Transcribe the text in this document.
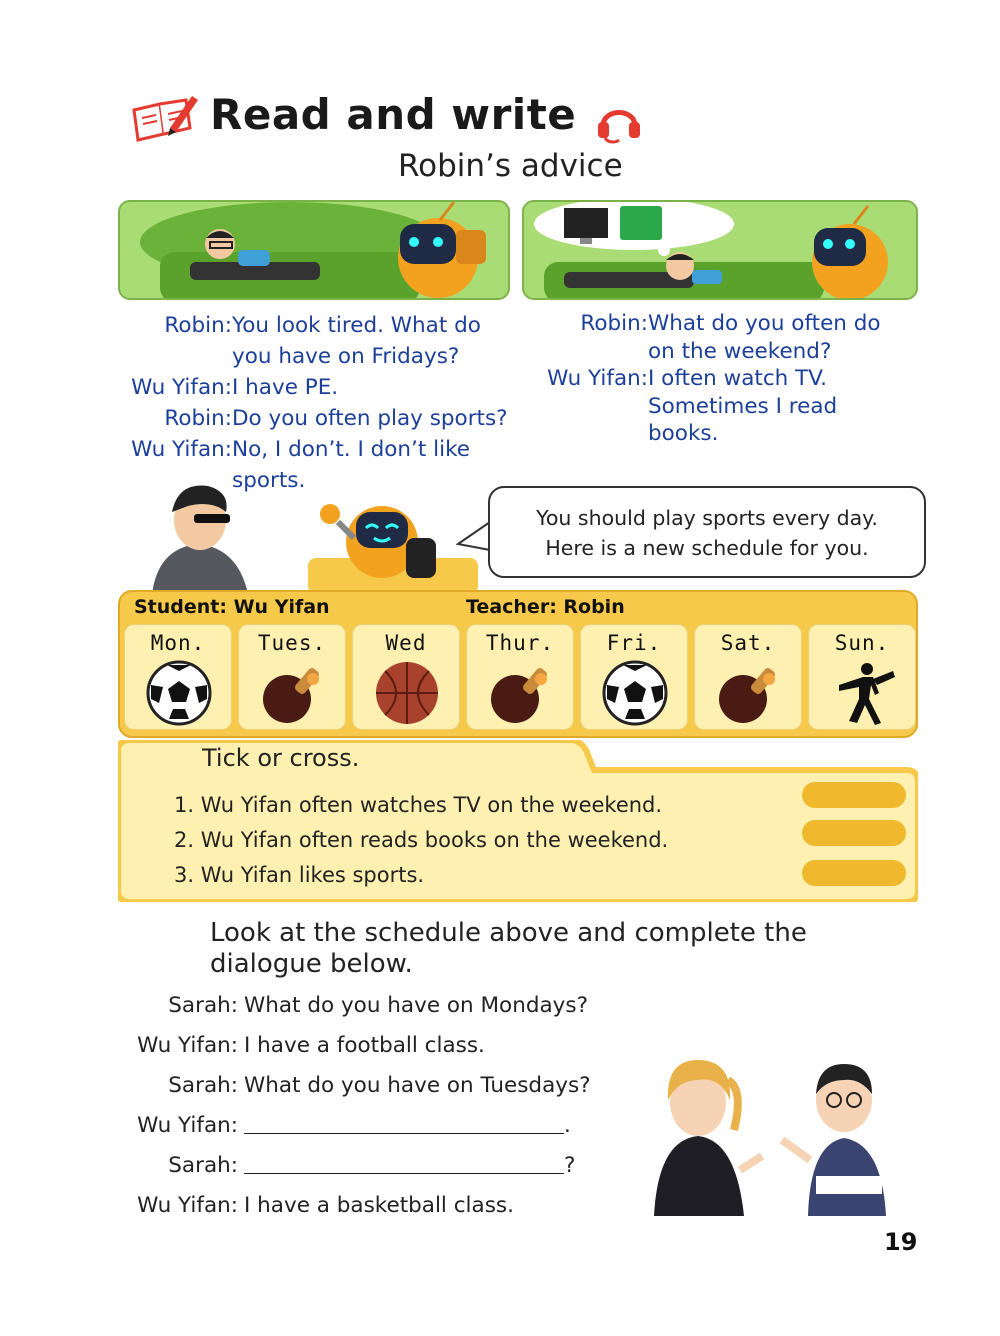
Read and write
Robin’s advice
Robin: You look tired. What do
you have on Fridays?
Wu Yifan: I have PE.
Robin: Do you often play sports?
Wu Yifan: No, I don’t. I don’t like
sports.
Robin: What do you often do
on the weekend?
Wu Yifan: I often watch TV.
Sometimes I read
books.
You should play sports every day.
Here is a new schedule for you.
Student: Wu Yifan	Teacher: Robin
Mon.	Tues.	Wed	Thur.	Fri.	Sat.	Sun.
Tick or cross.
1. Wu Yifan often watches TV on the weekend.
2. Wu Yifan often reads books on the weekend.
3. Wu Yifan likes sports.
Look at the schedule above and complete the
dialogue below.
Sarah: What do you have on Mondays?
Wu Yifan: I have a football class.
Sarah: What do you have on Tuesdays?
Wu Yifan:	.
Sarah:	?
Wu Yifan: I have a basketball class.
19
